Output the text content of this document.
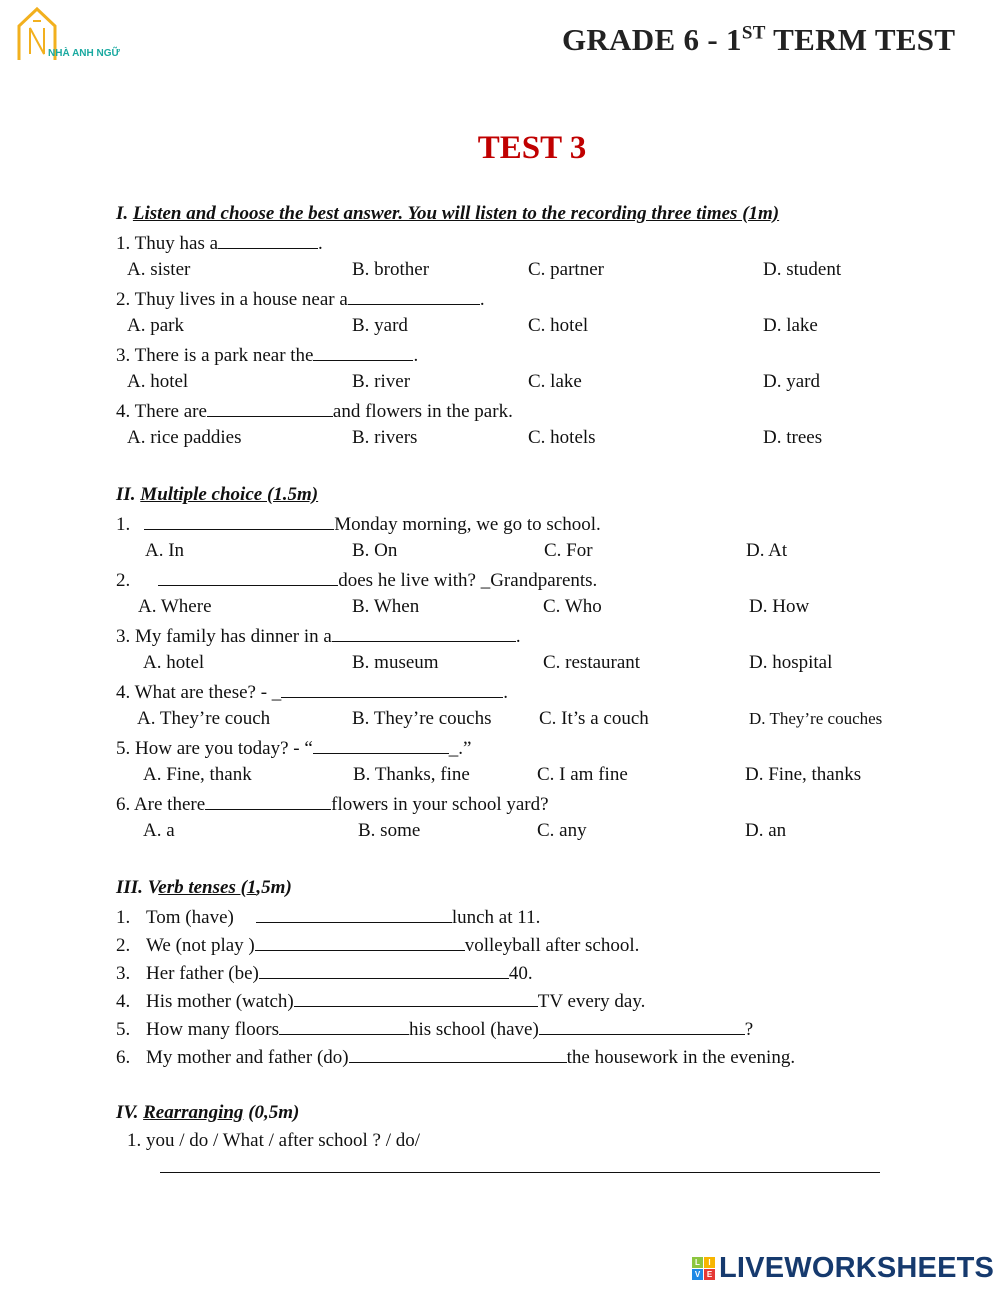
NHÀ ANH NGỮ	GRADE 6 - 1ST TERM TEST
TEST 3
I. Listen and choose the best answer. You will listen to the recording three times (1m)
1. Thuy has a	.
A. sister	B. brother	C. partner	D. student
2. Thuy lives in a house near a	.
A. park	B. yard	C. hotel	D. lake
3. There is a park near the	.
A. hotel	B. river	C. lake	D. yard
4. There are	and flowers in the park.
A. rice paddies	B. rivers	C. hotels	D. trees
II. Multiple choice (1.5m)
1.	Monday morning, we go to school.
A. In	B. On	C. For	D. At
2.	does he live with? _Grandparents.
A. Where	B. When	C. Who	D. How
3. My family has dinner in a	.
A. hotel	B. museum	C. restaurant	D. hospital
4. What are these? - _	.
A. They’re couch	B. They’re couchs	C. It’s a couch	D. They’re couches
5. How are you today? - “	_.”
A. Fine, thank	B. Thanks, fine	C. I am fine	D. Fine, thanks
6. Are there	flowers in your school yard?
A. a	B. some	C. any	D. an
III. Verb tenses (1,5m)
1. Tom (have)	lunch at 11.
2. We (not play )	volleyball after school.
3. Her father (be)	40.
4. His mother (watch)	TV every day.
5. How many floors	his school (have)	?
6. My mother and father (do)	the housework in the evening.
IV. Rearranging (0,5m)
1. you / do / What / after school ? / do/
L	I
V E LIVEWORKSHEETS
